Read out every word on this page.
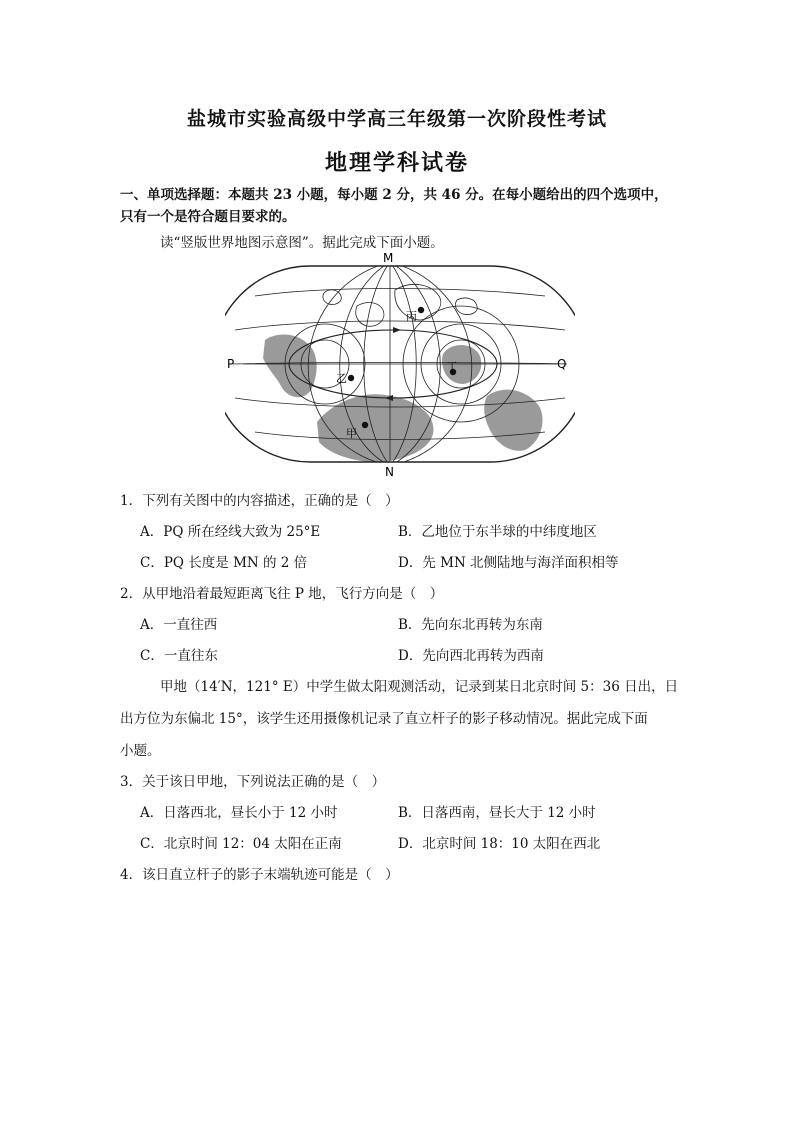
盐城市实验高级中学高三年级第一次阶段性考试
地理学科试卷
一、单项选择题：本题共 23 小题，每小题 2 分，共 46 分。在每小题给出的四个选项中，
只有一个是符合题目要求的。
读“竖版世界地图示意图”。据此完成下面小题。
M
N
P	Q
甲
乙
丙
丁
1．下列有关图中的内容描述，正确的是（　）
A．PQ 所在经线大致为 25°E	B．乙地位于东半球的中纬度地区
C．PQ 长度是 MN 的 2 倍	D．先 MN 北侧陆地与海洋面积相等
2．从甲地沿着最短距离飞往 P 地，飞行方向是（　）
A．一直往西	B．先向东北再转为东南
C．一直往东	D．先向西北再转为西南
甲地（14′N，121° E）中学生做太阳观测活动，记录到某日北京时间 5：36 日出，日
出方位为东偏北 15°，该学生还用摄像机记录了直立杆子的影子移动情况。据此完成下面
小题。
3．关于该日甲地，下列说法正确的是（　）
A．日落西北，昼长小于 12 小时	B．日落西南，昼长大于 12 小时
C．北京时间 12：04 太阳在正南	D．北京时间 18：10 太阳在西北
4．该日直立杆子的影子末端轨迹可能是（　）
